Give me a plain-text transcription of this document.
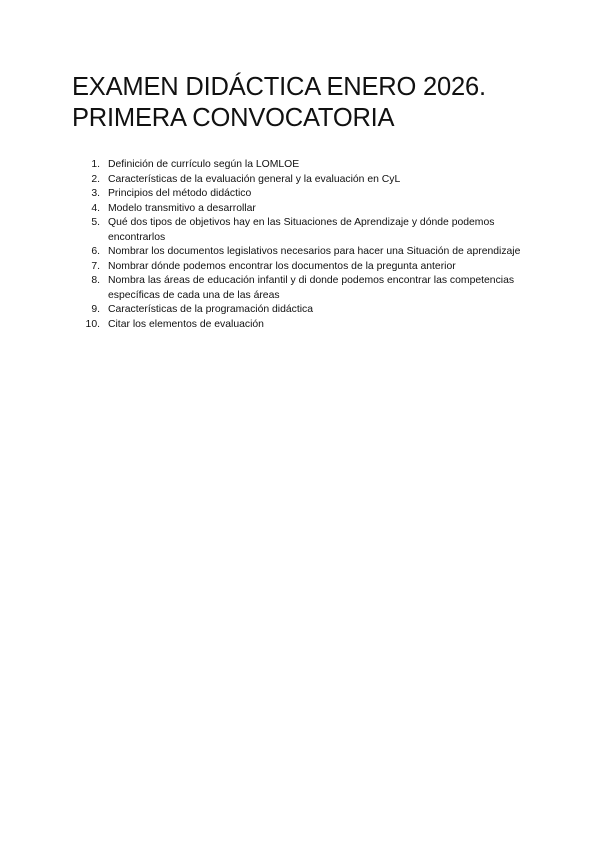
EXAMEN DIDÁCTICA ENERO 2026.
PRIMERA CONVOCATORIA
1. Definición de currículo según la LOMLOE
2. Características de la evaluación general y la evaluación en CyL
3. Principios del método didáctico
4. Modelo transmitivo a desarrollar
5. Qué dos tipos de objetivos hay en las Situaciones de Aprendizaje y dónde podemos encontrarlos
6. Nombrar los documentos legislativos necesarios para hacer una Situación de aprendizaje
7. Nombrar dónde podemos encontrar los documentos de la pregunta anterior
8. Nombra las áreas de educación infantil y di donde podemos encontrar las competencias específicas de cada una de las áreas
9. Características de la programación didáctica
10. Citar los elementos de evaluación
